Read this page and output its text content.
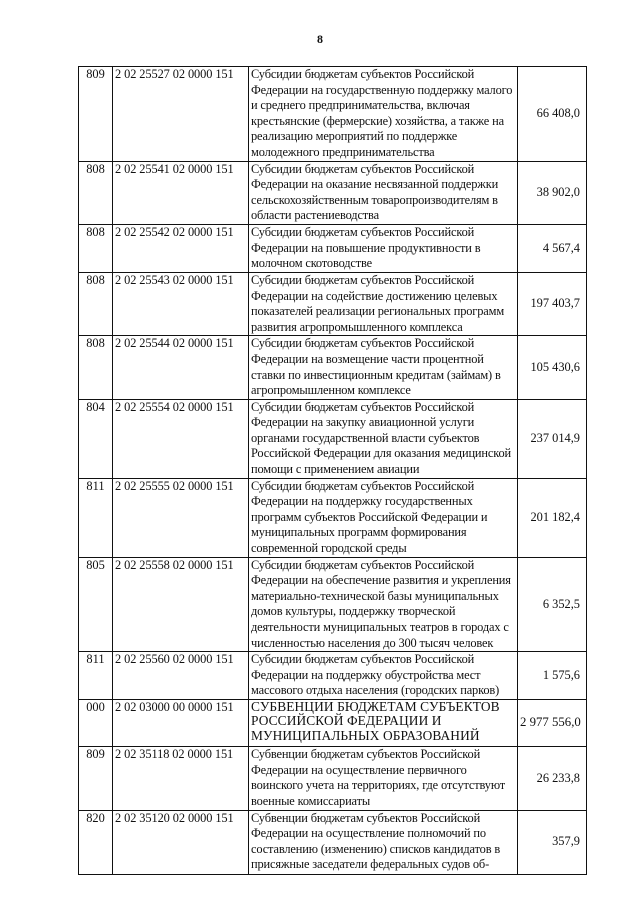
8
809	2 02 25527 02 0000 151	Субсидии бюджетам субъектов Российской Федерации на государственную поддержку малого и среднего предпринимательства, включая крестьянские (фермерские) хозяйства, а также на реализацию мероприятий по поддержке молодежного предпринимательства	66 408,0
808	2 02 25541 02 0000 151	Субсидии бюджетам субъектов Российской Федерации на оказание несвязанной поддержки сельскохозяйственным товаропроизводителям в области растениеводства	38 902,0
808	2 02 25542 02 0000 151	Субсидии бюджетам субъектов Российской Федерации на повышение продуктивности в молочном скотоводстве	4 567,4
808	2 02 25543 02 0000 151	Субсидии бюджетам субъектов Российской Федерации на содействие достижению целевых показателей реализации региональных программ развития агропромышленного комплекса	197 403,7
808	2 02 25544 02 0000 151	Субсидии бюджетам субъектов Российской Федерации на возмещение части процентной ставки по инвестиционным кредитам (займам) в агропромышленном комплексе	105 430,6
804	2 02 25554 02 0000 151	Субсидии бюджетам субъектов Российской Федерации на закупку авиационной услуги органами государственной власти субъектов Российской Федерации для оказания медицинской помощи с применением авиации	237 014,9
811	2 02 25555 02 0000 151	Субсидии бюджетам субъектов Российской Федерации на поддержку государственных программ субъектов Российской Федерации и муниципальных программ формирования современной городской среды	201 182,4
805	2 02 25558 02 0000 151	Субсидии бюджетам субъектов Российской Федерации на обеспечение развития и укрепления материально-технической базы муниципальных домов культуры, поддержку творческой деятельности муниципальных театров в городах с численностью населения до 300 тысяч человек	6 352,5
811	2 02 25560 02 0000 151	Субсидии бюджетам субъектов Российской Федерации на поддержку обустройства мест массового отдыха населения (городских парков)	1 575,6
000	2 02 03000 00 0000 151	СУБВЕНЦИИ БЮДЖЕТАМ СУБЪЕКТОВ РОССИЙСКОЙ ФЕДЕРАЦИИ И МУНИЦИПАЛЬНЫХ ОБРАЗОВАНИЙ	2 977 556,0
809	2 02 35118 02 0000 151	Субвенции бюджетам субъектов Российской Федерации на осуществление первичного воинского учета на территориях, где отсутствуют военные комиссариаты	26 233,8
820	2 02 35120 02 0000 151	Субвенции бюджетам субъектов Российской Федерации на осуществление полномочий по составлению (изменению) списков кандидатов в присяжные заседатели федеральных судов об-	357,9
